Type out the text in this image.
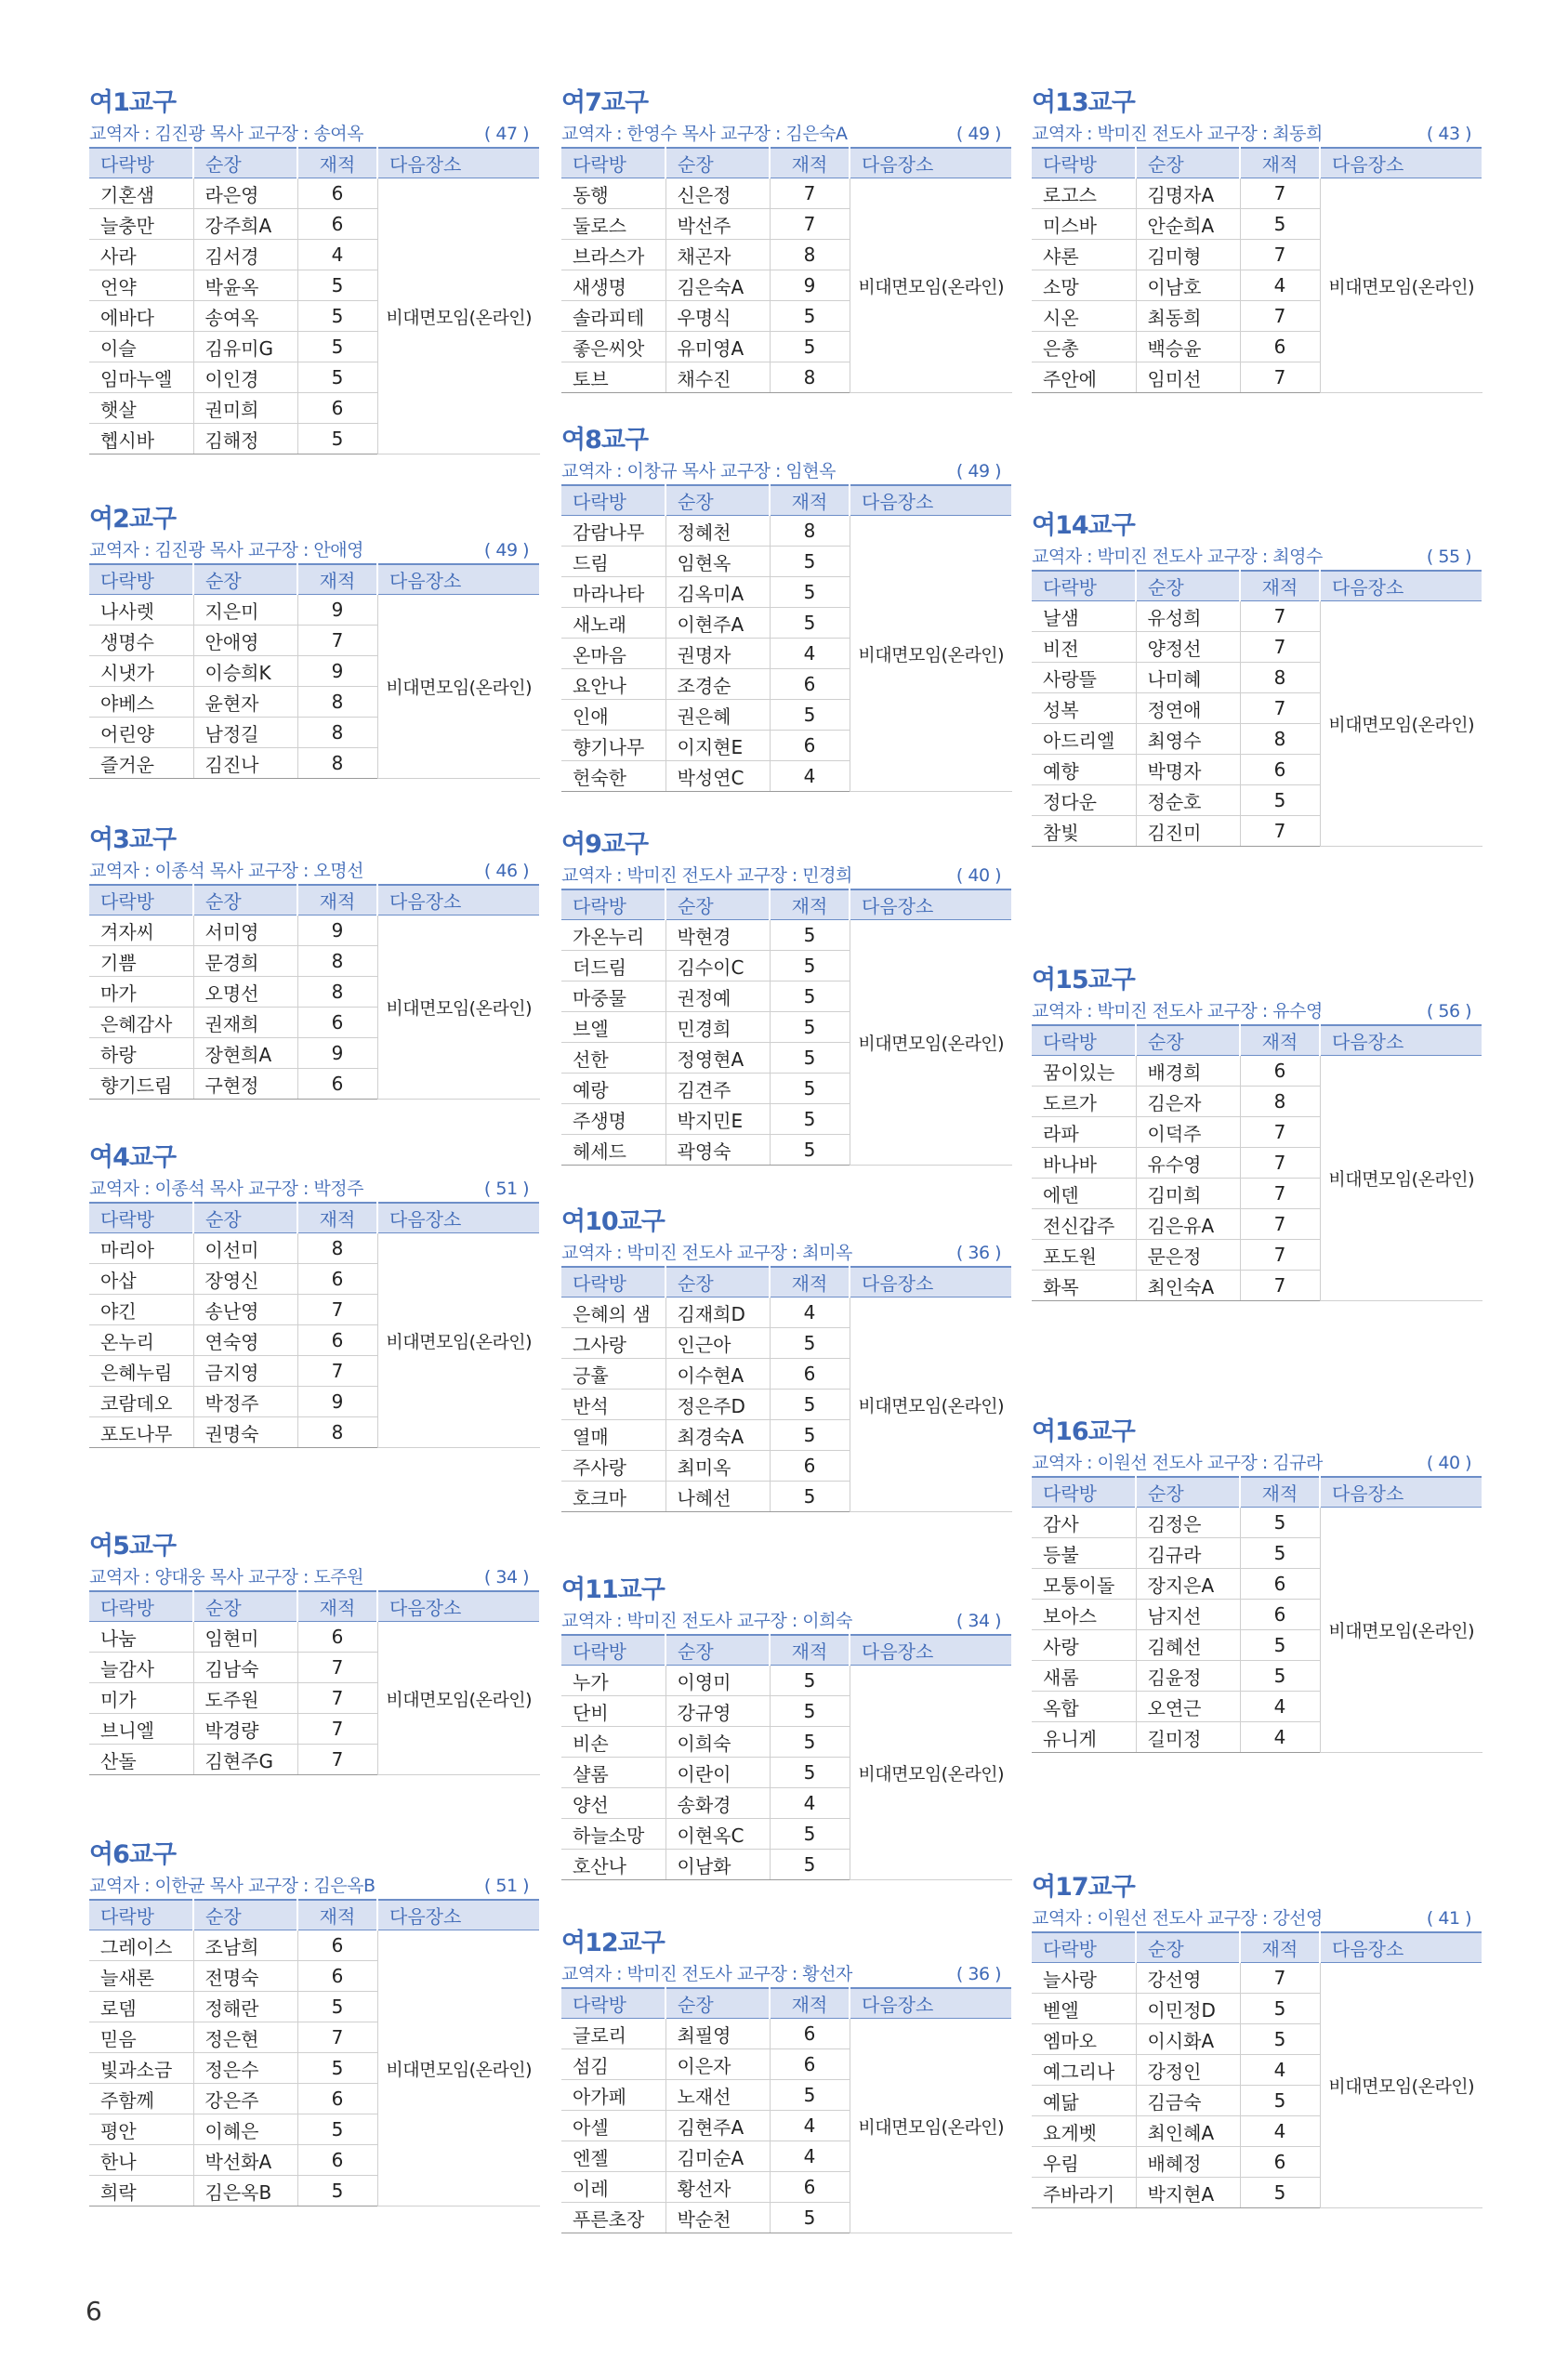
여1교구
교역자 : 김진광 목사 교구장 : 송여옥	( 47 )
다락방	순장	재적	다음장소
기혼샘	라은영	6	비대면모임(온라인)
늘충만	강주희A	6	
사라	김서경	4	
언약	박윤옥	5	
에바다	송여옥	5	
이슬	김유미G	5	
임마누엘	이인경	5	
햇살	권미희	6	
헵시바	김해정	5	
여2교구
교역자 : 김진광 목사 교구장 : 안애영	( 49 )
다락방	순장	재적	다음장소
나사렛	지은미	9	비대면모임(온라인)
생명수	안애영	7	
시냇가	이승희K	9	
야베스	윤현자	8	
어린양	남정길	8	
즐거운	김진나	8	
여3교구
교역자 : 이종석 목사 교구장 : 오명선	( 46 )
다락방	순장	재적	다음장소
겨자씨	서미영	9	비대면모임(온라인)
기쁨	문경희	8	
마가	오명선	8	
은혜감사	권재희	6	
하랑	장현희A	9	
향기드림	구현정	6	
여4교구
교역자 : 이종석 목사 교구장 : 박정주	( 51 )
다락방	순장	재적	다음장소
마리아	이선미	8	비대면모임(온라인)
아삽	장영신	6	
야긴	송난영	7	
온누리	연숙영	6	
은혜누림	금지영	7	
코람데오	박정주	9	
포도나무	권명숙	8	
여5교구
교역자 : 양대웅 목사 교구장 : 도주원	( 34 )
다락방	순장	재적	다음장소
나눔	임현미	6	비대면모임(온라인)
늘감사	김남숙	7	
미가	도주원	7	
브니엘	박경량	7	
산돌	김현주G	7	
여6교구
교역자 : 이한균 목사 교구장 : 김은옥B	( 51 )
다락방	순장	재적	다음장소
그레이스	조남희	6	비대면모임(온라인)
늘새론	전명숙	6	
로뎀	정해란	5	
믿음	정은현	7	
빛과소금	정은수	5	
주함께	강은주	6	
평안	이혜은	5	
한나	박선화A	6	
희락	김은옥B	5	
여7교구
교역자 : 한영수 목사 교구장 : 김은숙A	( 49 )
다락방	순장	재적	다음장소
동행	신은정	7	비대면모임(온라인)
둘로스	박선주	7	
브라스가	채곤자	8	
새생명	김은숙A	9	
솔라피테	우명식	5	
좋은씨앗	유미영A	5	
토브	채수진	8	
여8교구
교역자 : 이창규 목사 교구장 : 임현옥	( 49 )
다락방	순장	재적	다음장소
감람나무	정혜천	8	비대면모임(온라인)
드림	임현옥	5	
마라나타	김옥미A	5	
새노래	이현주A	5	
온마음	권명자	4	
요안나	조경순	6	
인애	권은혜	5	
향기나무	이지현E	6	
헌숙한	박성연C	4	
여9교구
교역자 : 박미진 전도사 교구장 : 민경희	( 40 )
다락방	순장	재적	다음장소
가온누리	박현경	5	비대면모임(온라인)
더드림	김수이C	5	
마중물	권정예	5	
브엘	민경희	5	
선한	정영현A	5	
예랑	김견주	5	
주생명	박지민E	5	
헤세드	곽영숙	5	
여10교구
교역자 : 박미진 전도사 교구장 : 최미옥	( 36 )
다락방	순장	재적	다음장소
은혜의 샘	김재희D	4	비대면모임(온라인)
그사랑	인근아	5	
긍휼	이수현A	6	
반석	정은주D	5	
열매	최경숙A	5	
주사랑	최미옥	6	
호크마	나혜선	5	
여11교구
교역자 : 박미진 전도사 교구장 : 이희숙	( 34 )
다락방	순장	재적	다음장소
누가	이영미	5	비대면모임(온라인)
단비	강규영	5	
비손	이희숙	5	
샬롬	이란이	5	
양선	송화경	4	
하늘소망	이현옥C	5	
호산나	이남화	5	
여12교구
교역자 : 박미진 전도사 교구장 : 황선자	( 36 )
다락방	순장	재적	다음장소
글로리	최필영	6	비대면모임(온라인)
섬김	이은자	6	
아가페	노재선	5	
아셀	김현주A	4	
엔젤	김미순A	4	
이레	황선자	6	
푸른초장	박순천	5	
여13교구
교역자 : 박미진 전도사 교구장 : 최동희	( 43 )
다락방	순장	재적	다음장소
로고스	김명자A	7	비대면모임(온라인)
미스바	안순희A	5	
샤론	김미형	7	
소망	이남호	4	
시온	최동희	7	
은총	백승윤	6	
주안에	임미선	7	
여14교구
교역자 : 박미진 전도사 교구장 : 최영수	( 55 )
다락방	순장	재적	다음장소
날샘	유성희	7	비대면모임(온라인)
비전	양정선	7	
사랑뜰	나미혜	8	
성복	정연애	7	
아드리엘	최영수	8	
예향	박명자	6	
정다운	정순호	5	
참빛	김진미	7	
여15교구
교역자 : 박미진 전도사 교구장 : 유수영	( 56 )
다락방	순장	재적	다음장소
꿈이있는	배경희	6	비대면모임(온라인)
도르가	김은자	8	
라파	이덕주	7	
바나바	유수영	7	
에덴	김미희	7	
전신갑주	김은유A	7	
포도원	문은정	7	
화목	최인숙A	7	
여16교구
교역자 : 이원선 전도사 교구장 : 김규라	( 40 )
다락방	순장	재적	다음장소
감사	김정은	5	비대면모임(온라인)
등불	김규라	5	
모퉁이돌	장지은A	6	
보아스	남지선	6	
사랑	김혜선	5	
새롬	김윤정	5	
옥합	오연근	4	
유니게	길미정	4	
여17교구
교역자 : 이원선 전도사 교구장 : 강선영	( 41 )
다락방	순장	재적	다음장소
늘사랑	강선영	7	비대면모임(온라인)
벧엘	이민정D	5	
엠마오	이시화A	5	
예그리나	강정인	4	
예닮	김금숙	5	
요게벳	최인혜A	4	
우림	배혜정	6	
주바라기	박지현A	5	
6
